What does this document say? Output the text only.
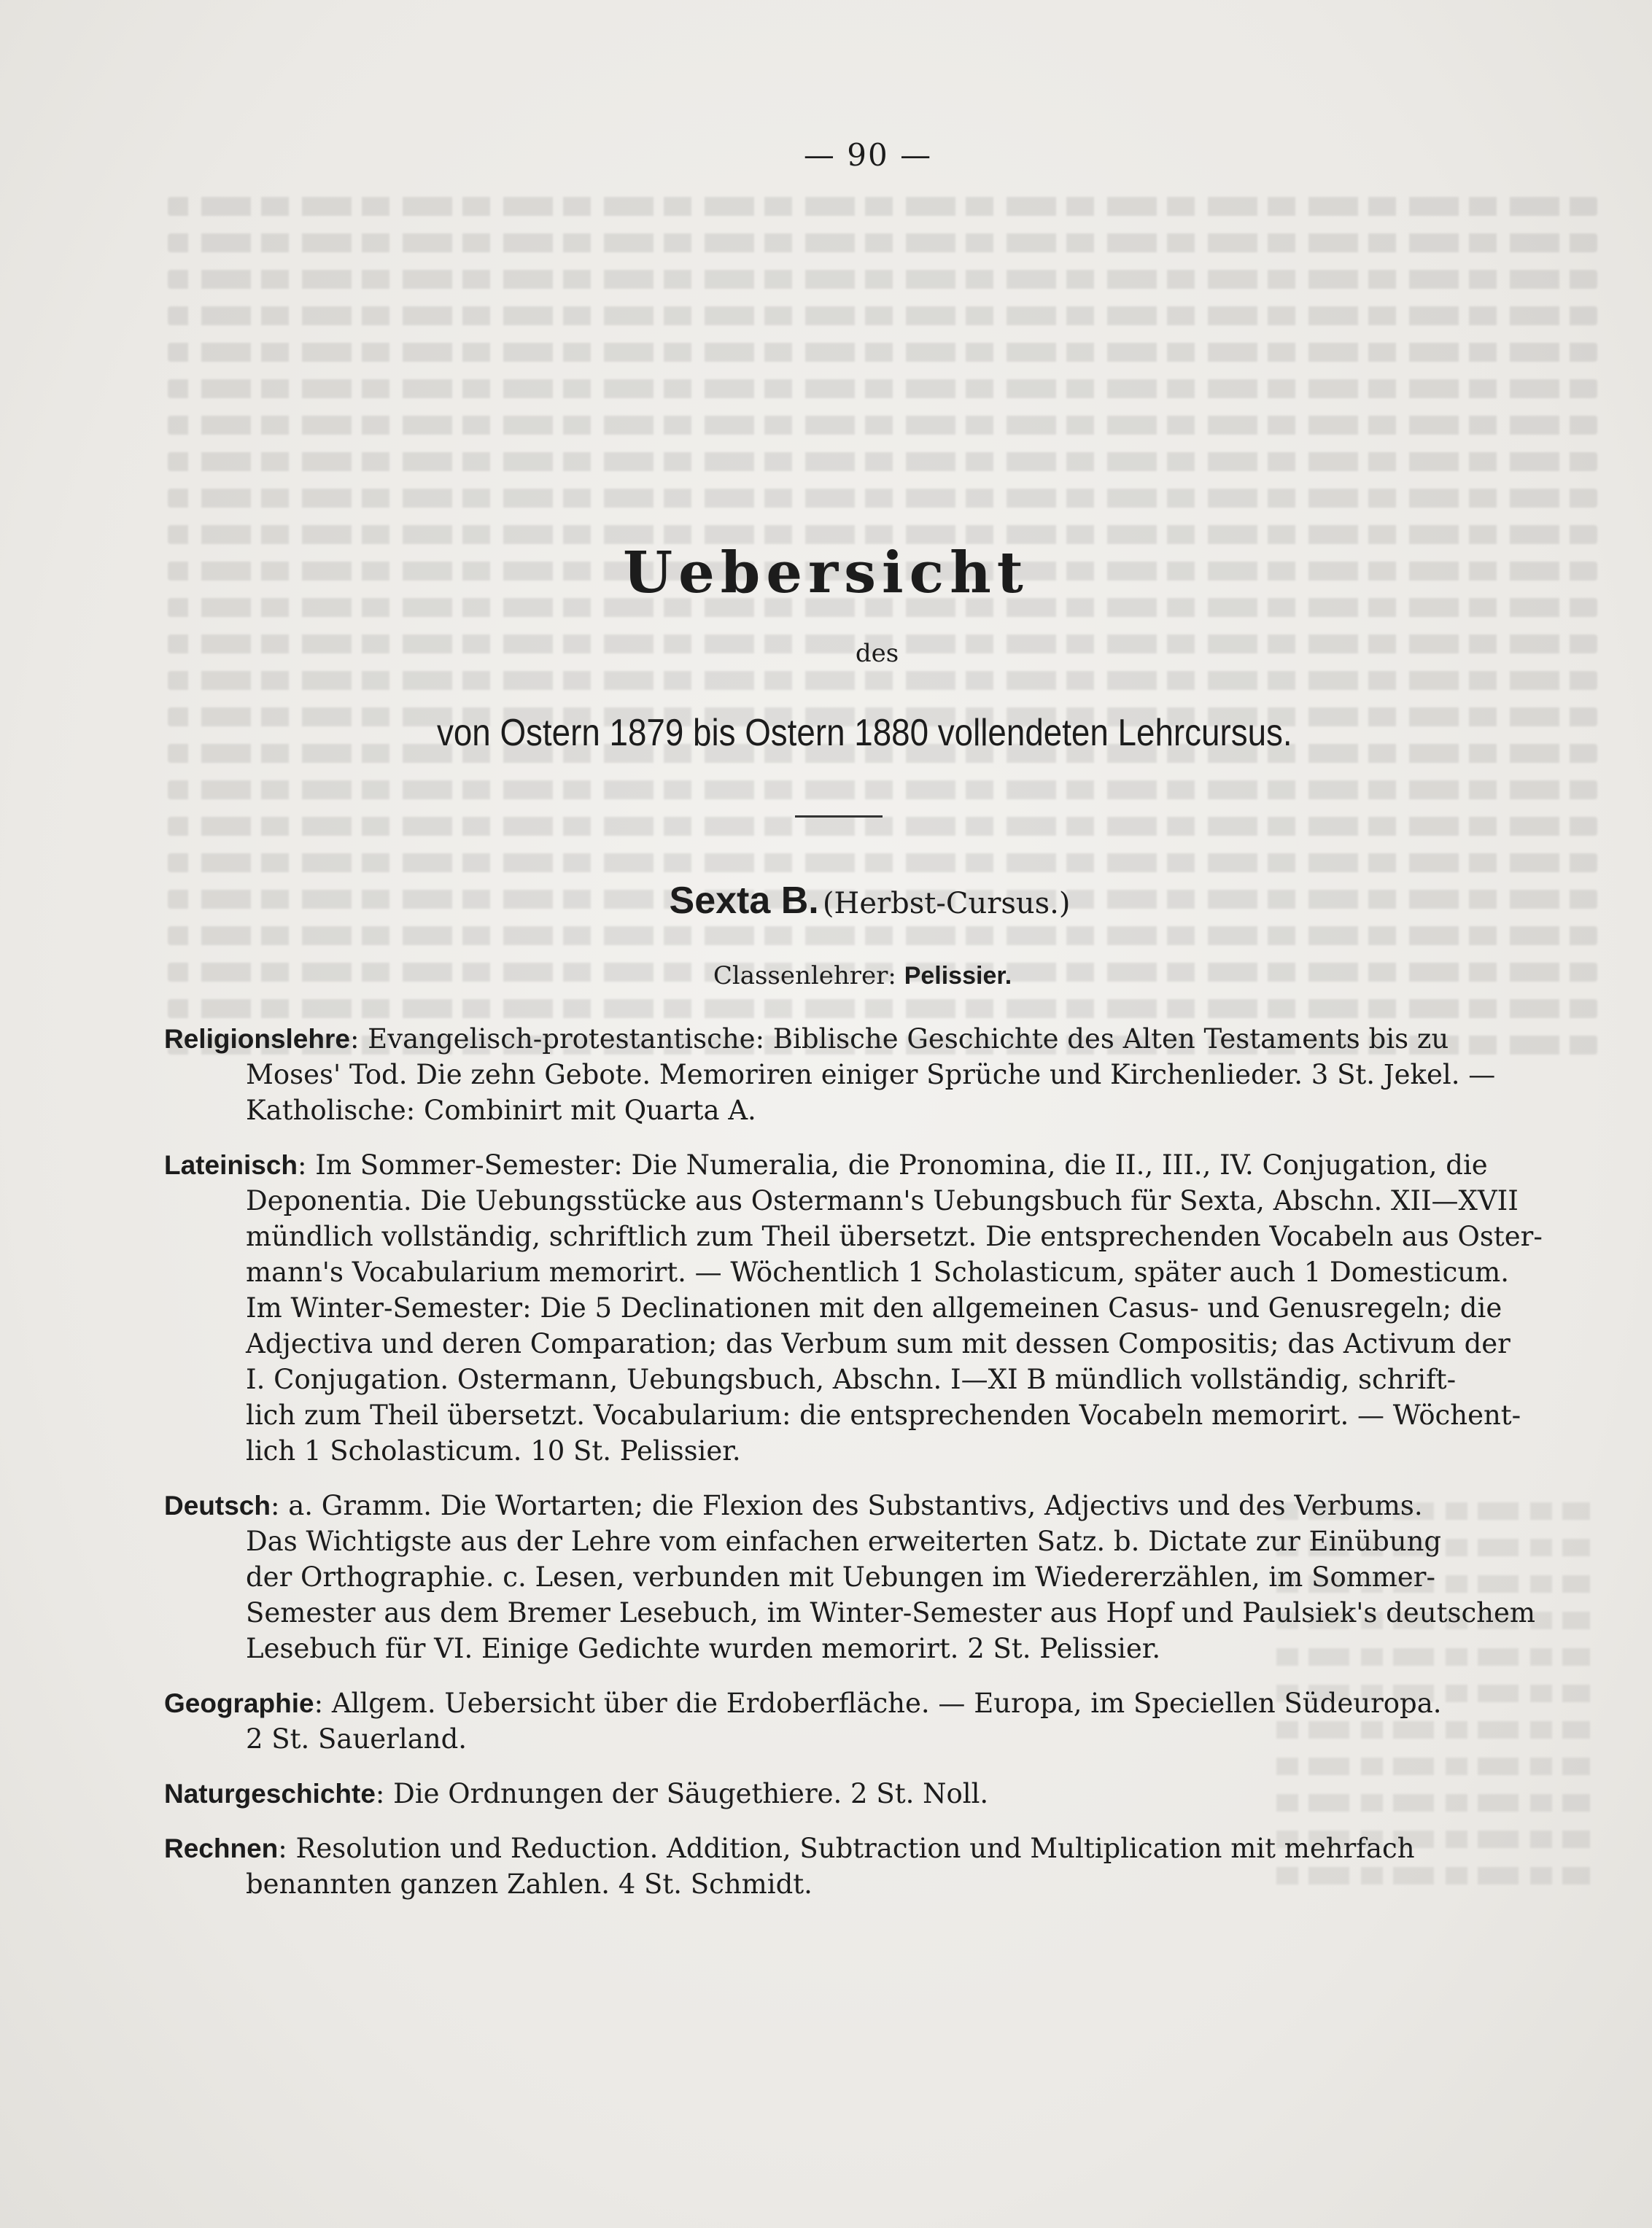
— 90 —
Uebersicht
des
von Ostern 1879 bis Ostern 1880 vollendeten Lehrcursus.
Sexta B. (Herbst-Cursus.)
Classenlehrer: Pelissier.
Religionslehre: Evangelisch-protestantische: Biblische Geschichte des Alten Testaments bis zu
Moses' Tod. Die zehn Gebote. Memoriren einiger Sprüche und Kirchenlieder. 3 St. Jekel. —
Katholische: Combinirt mit Quarta A.
Lateinisch: Im Sommer-Semester: Die Numeralia, die Pronomina, die II., III., IV. Conjugation, die
Deponentia. Die Uebungsstücke aus Ostermann's Uebungsbuch für Sexta, Abschn. XII—XVII
mündlich vollständig, schriftlich zum Theil übersetzt. Die entsprechenden Vocabeln aus Oster-
mann's Vocabularium memorirt. — Wöchentlich 1 Scholasticum, später auch 1 Domesticum.
Im Winter-Semester: Die 5 Declinationen mit den allgemeinen Casus- und Genusregeln; die
Adjectiva und deren Comparation; das Verbum sum mit dessen Compositis; das Activum der
I. Conjugation. Ostermann, Uebungsbuch, Abschn. I—XI B mündlich vollständig, schrift-
lich zum Theil übersetzt. Vocabularium: die entsprechenden Vocabeln memorirt. — Wöchent-
lich 1 Scholasticum. 10 St. Pelissier.
Deutsch: a. Gramm. Die Wortarten; die Flexion des Substantivs, Adjectivs und des Verbums.
Das Wichtigste aus der Lehre vom einfachen erweiterten Satz. b. Dictate zur Einübung
der Orthographie. c. Lesen, verbunden mit Uebungen im Wiedererzählen, im Sommer-
Semester aus dem Bremer Lesebuch, im Winter-Semester aus Hopf und Paulsiek's deutschem
Lesebuch für VI. Einige Gedichte wurden memorirt. 2 St. Pelissier.
Geographie: Allgem. Uebersicht über die Erdoberfläche. — Europa, im Speciellen Südeuropa.
2 St. Sauerland.
Naturgeschichte: Die Ordnungen der Säugethiere. 2 St. Noll.
Rechnen: Resolution und Reduction. Addition, Subtraction und Multiplication mit mehrfach
benannten ganzen Zahlen. 4 St. Schmidt.
